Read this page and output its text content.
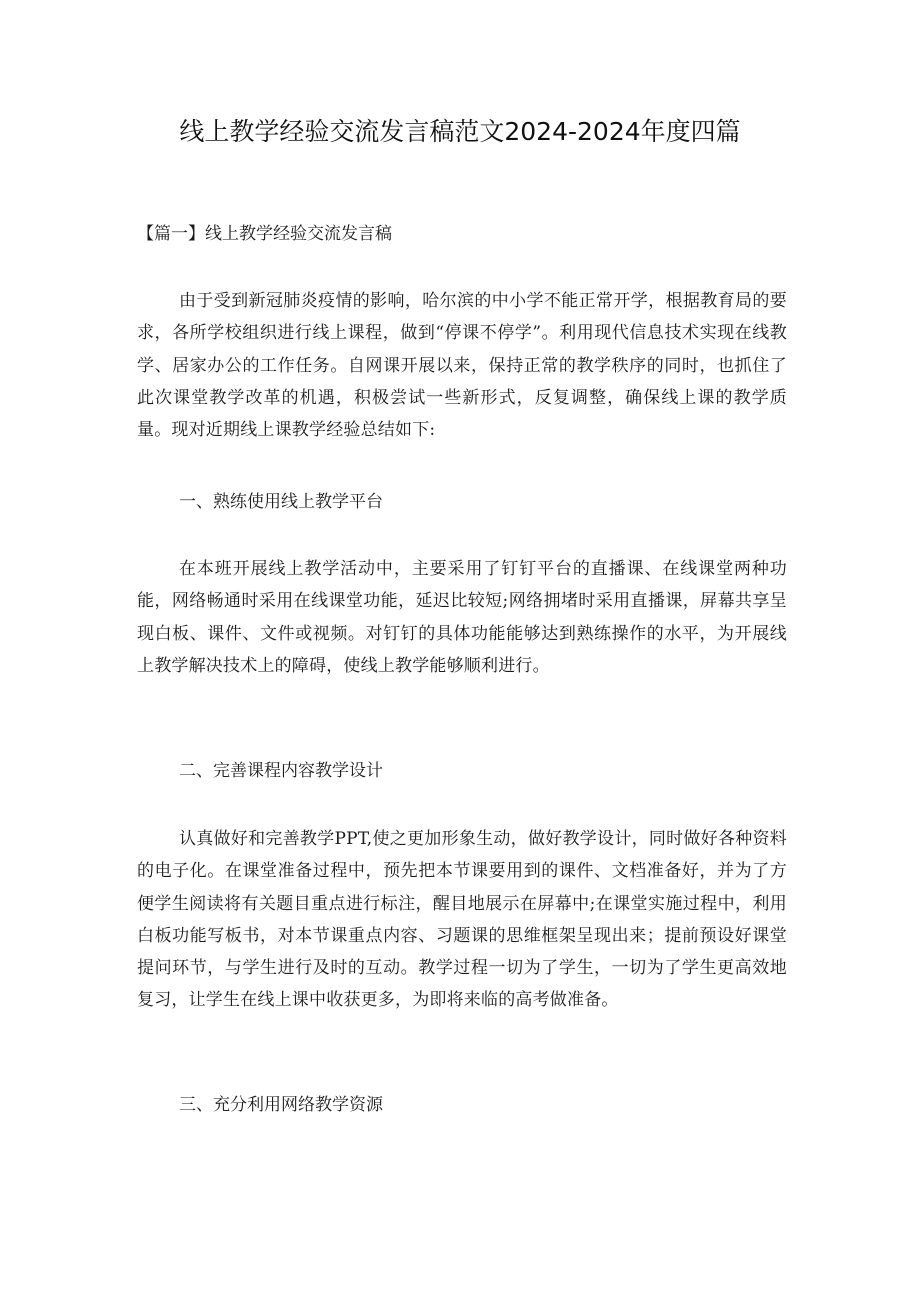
线上教学经验交流发言稿范文2024-2024年度四篇

【篇一】线上教学经验交流发言稿

由于受到新冠肺炎疫情的影响，哈尔滨的中小学不能正常开学，根据教育局的要求，各所学校组织进行线上课程，做到“停课不停学”。利用现代信息技术实现在线教学、居家办公的工作任务。自网课开展以来，保持正常的教学秩序的同时，也抓住了此次课堂教学改革的机遇，积极尝试一些新形式，反复调整，确保线上课的教学质量。现对近期线上课教学经验总结如下:

一、熟练使用线上教学平台

在本班开展线上教学活动中，主要采用了钉钉平台的直播课、在线课堂两种功能，网络畅通时采用在线课堂功能，延迟比较短;网络拥堵时采用直播课，屏幕共享呈现白板、课件、文件或视频。对钉钉的具体功能能够达到熟练操作的水平，为开展线上教学解决技术上的障碍，使线上教学能够顺利进行。

二、完善课程内容教学设计

认真做好和完善教学PPT,使之更加形象生动，做好教学设计，同时做好各种资料的电子化。在课堂准备过程中，预先把本节课要用到的课件、文档准备好，并为了方便学生阅读将有关题目重点进行标注，醒目地展示在屏幕中;在课堂实施过程中，利用白板功能写板书，对本节课重点内容、习题课的思维框架呈现出来；提前预设好课堂提问环节，与学生进行及时的互动。教学过程一切为了学生，一切为了学生更高效地复习，让学生在线上课中收获更多，为即将来临的高考做准备。

三、充分利用网络教学资源
